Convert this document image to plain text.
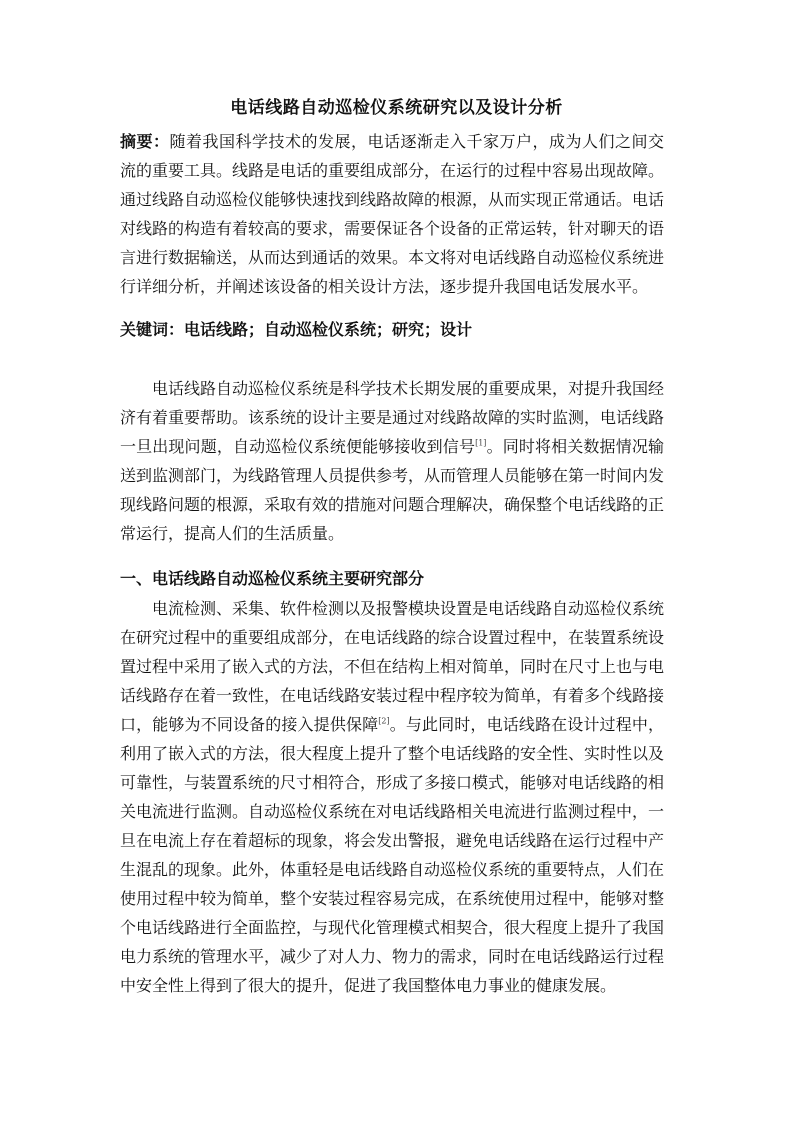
电话线路自动巡检仪系统研究以及设计分析

摘要：随着我国科学技术的发展，电话逐渐走入千家万户，成为人们之间交流的重要工具。线路是电话的重要组成部分，在运行的过程中容易出现故障。通过线路自动巡检仪能够快速找到线路故障的根源，从而实现正常通话。电话对线路的构造有着较高的要求，需要保证各个设备的正常运转，针对聊天的语言进行数据输送，从而达到通话的效果。本文将对电话线路自动巡检仪系统进行详细分析，并阐述该设备的相关设计方法，逐步提升我国电话发展水平。

关键词：电话线路；自动巡检仪系统；研究；设计

电话线路自动巡检仪系统是科学技术长期发展的重要成果，对提升我国经济有着重要帮助。该系统的设计主要是通过对线路故障的实时监测，电话线路一旦出现问题，自动巡检仪系统便能够接收到信号[1]。同时将相关数据情况输送到监测部门，为线路管理人员提供参考，从而管理人员能够在第一时间内发现线路问题的根源，采取有效的措施对问题合理解决，确保整个电话线路的正常运行，提高人们的生活质量。

一、电话线路自动巡检仪系统主要研究部分

电流检测、采集、软件检测以及报警模块设置是电话线路自动巡检仪系统在研究过程中的重要组成部分，在电话线路的综合设置过程中，在装置系统设置过程中采用了嵌入式的方法，不但在结构上相对简单，同时在尺寸上也与电话线路存在着一致性，在电话线路安装过程中程序较为简单，有着多个线路接口，能够为不同设备的接入提供保障[2]。与此同时，电话线路在设计过程中，利用了嵌入式的方法，很大程度上提升了整个电话线路的安全性、实时性以及可靠性，与装置系统的尺寸相符合，形成了多接口模式，能够对电话线路的相关电流进行监测。自动巡检仪系统在对电话线路相关电流进行监测过程中，一旦在电流上存在着超标的现象，将会发出警报，避免电话线路在运行过程中产生混乱的现象。此外，体重轻是电话线路自动巡检仪系统的重要特点，人们在使用过程中较为简单，整个安装过程容易完成，在系统使用过程中，能够对整个电话线路进行全面监控，与现代化管理模式相契合，很大程度上提升了我国电力系统的管理水平，减少了对人力、物力的需求，同时在电话线路运行过程中安全性上得到了很大的提升，促进了我国整体电力事业的健康发展。
